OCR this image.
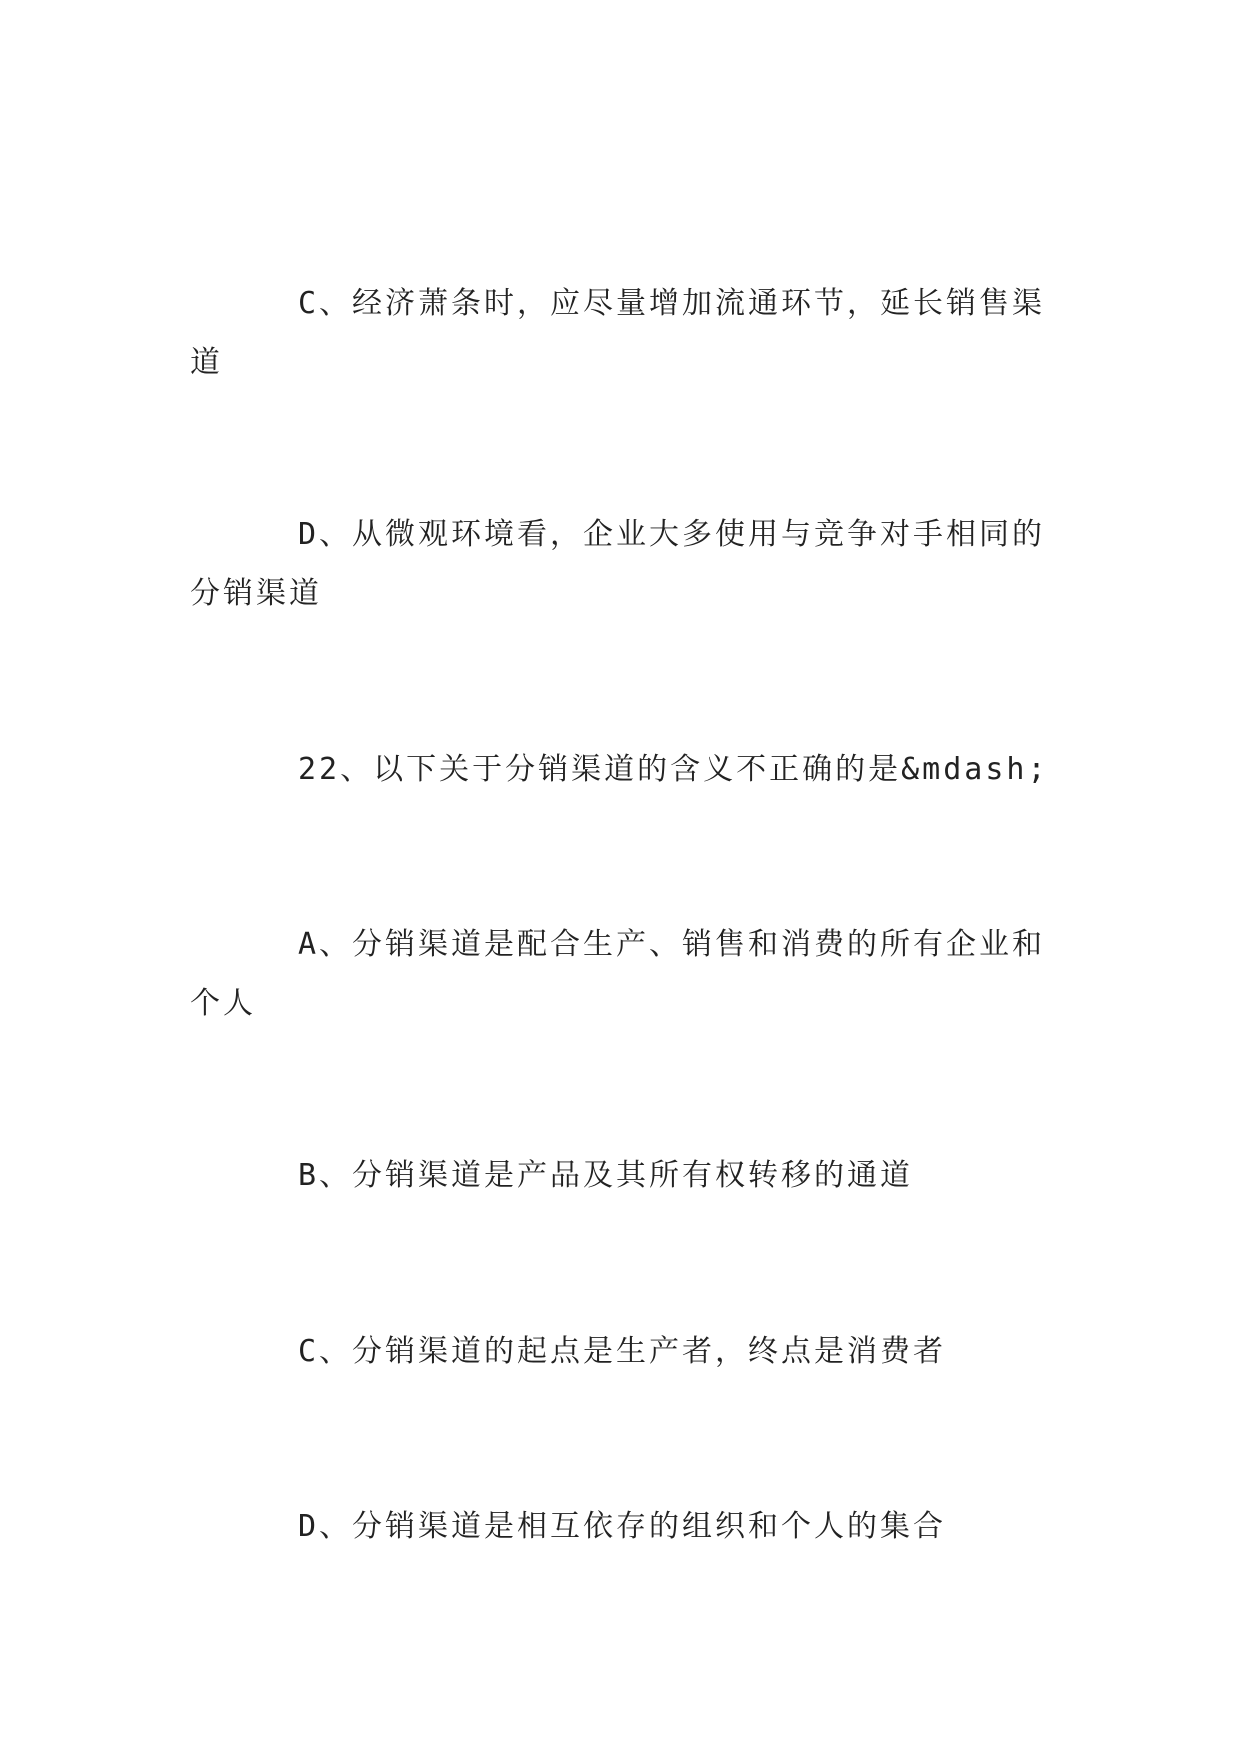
C、经济萧条时，应尽量增加流通环节，延长销售渠道

D、从微观环境看，企业大多使用与竞争对手相同的分销渠道

22、以下关于分销渠道的含义不正确的是&mdash;

A、分销渠道是配合生产、销售和消费的所有企业和个人

B、分销渠道是产品及其所有权转移的通道

C、分销渠道的起点是生产者，终点是消费者

D、分销渠道是相互依存的组织和个人的集合
